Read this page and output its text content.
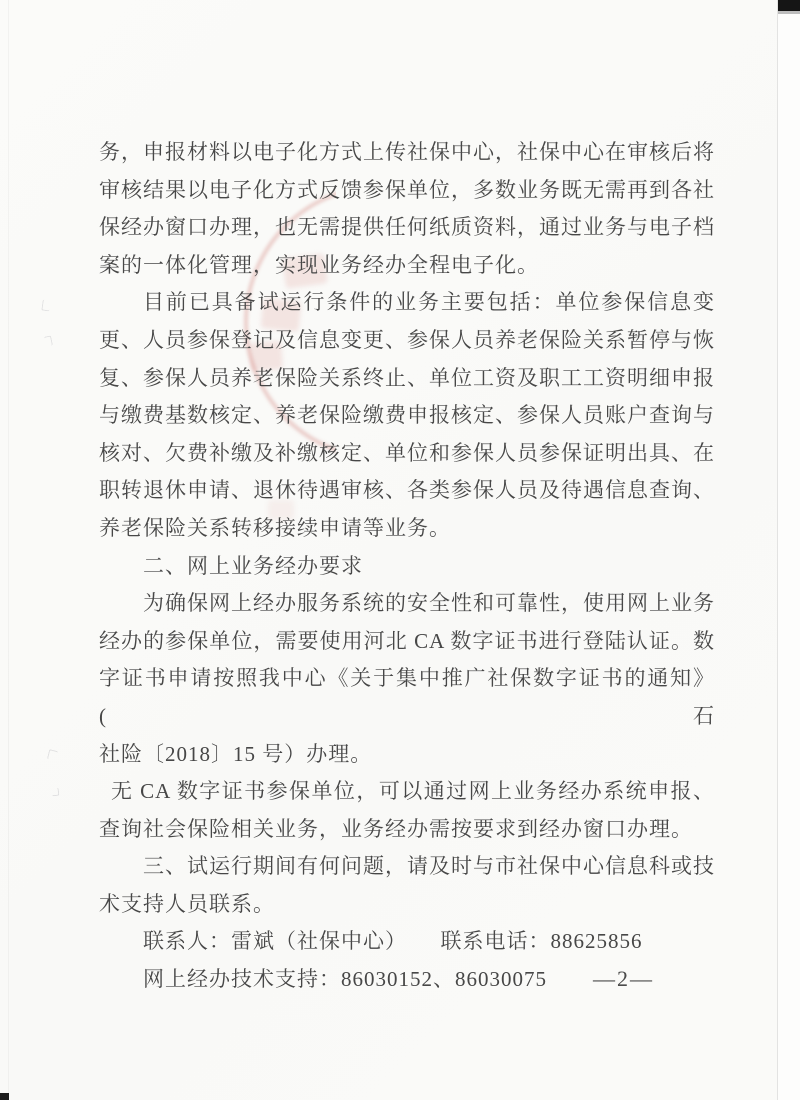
务，申报材料以电子化方式上传社保中心，社保中心在审核后将
审核结果以电子化方式反馈参保单位，多数业务既无需再到各社
保经办窗口办理，也无需提供任何纸质资料，通过业务与电子档
案的一体化管理，实现业务经办全程电子化。
目前已具备试运行条件的业务主要包括：单位参保信息变
更、人员参保登记及信息变更、参保人员养老保险关系暂停与恢
复、参保人员养老保险关系终止、单位工资及职工工资明细申报
与缴费基数核定、养老保险缴费申报核定、参保人员账户查询与
核对、欠费补缴及补缴核定、单位和参保人员参保证明出具、在
职转退休申请、退休待遇审核、各类参保人员及待遇信息查询、
养老保险关系转移接续申请等业务。
二、网上业务经办要求
为确保网上经办服务系统的安全性和可靠性，使用网上业务
经办的参保单位，需要使用河北 CA 数字证书进行登陆认证。数
字证书申请按照我中心《关于集中推广社保数字证书的通知》(石
社险〔2018〕15 号）办理。
无 CA 数字证书参保单位，可以通过网上业务经办系统申报、
查询社会保险相关业务，业务经办需按要求到经办窗口办理。
三、试运行期间有何问题，请及时与市社保中心信息科或技
术支持人员联系。
联系人：雷斌（社保中心）　　联系电话：88625856
网上经办技术支持：86030152、86030075	—2—
